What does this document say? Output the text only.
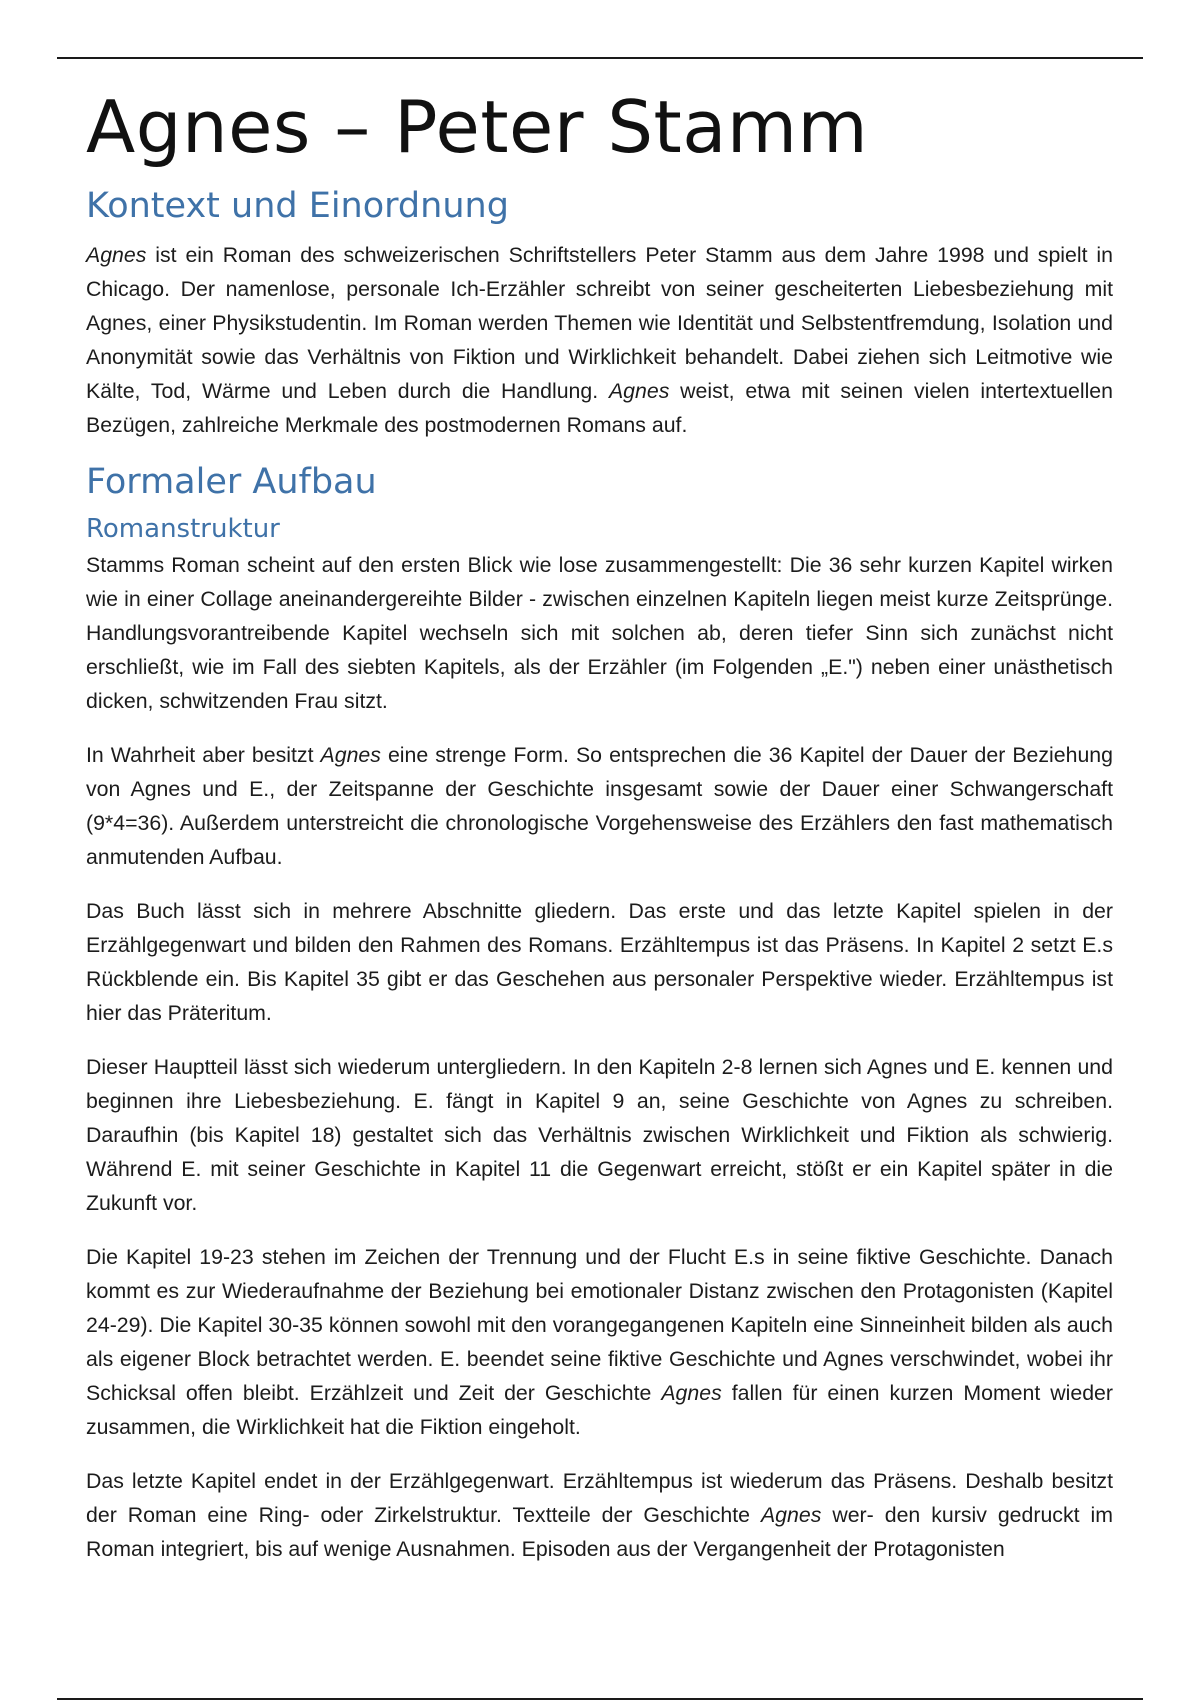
Agnes – Peter Stamm
Kontext und Einordnung

Agnes ist ein Roman des schweizerischen Schriftstellers Peter Stamm aus dem Jahre 1998 und spielt in Chicago. Der namenlose, personale Ich-Erzähler schreibt von seiner gescheiterten Liebesbeziehung mit Agnes, einer Physikstudentin. Im Roman werden Themen wie Identität und Selbstentfremdung, Isolation und Anonymität sowie das Verhältnis von Fiktion und Wirklichkeit behandelt. Dabei ziehen sich Leitmotive wie Kälte, Tod, Wärme und Leben durch die Handlung. Agnes weist, etwa mit seinen vielen intertextuellen Bezügen, zahlreiche Merkmale des postmodernen Romans auf.

Formaler Aufbau
Romanstruktur

Stamms Roman scheint auf den ersten Blick wie lose zusammengestellt: Die 36 sehr kurzen Kapitel wirken wie in einer Collage aneinandergereihte Bilder - zwischen einzelnen Kapiteln liegen meist kurze Zeitsprünge. Handlungsvorantreibende Kapitel wechseln sich mit solchen ab, deren tiefer Sinn sich zunächst nicht erschließt, wie im Fall des siebten Kapitels, als der Erzähler (im Folgenden „E.") neben einer unästhetisch dicken, schwitzenden Frau sitzt.

In Wahrheit aber besitzt Agnes eine strenge Form. So entsprechen die 36 Kapitel der Dauer der Beziehung von Agnes und E., der Zeitspanne der Geschichte insgesamt sowie der Dauer einer Schwangerschaft (9*4=36). Außerdem unterstreicht die chronologische Vorgehensweise des Erzählers den fast mathematisch anmutenden Aufbau.

Das Buch lässt sich in mehrere Abschnitte gliedern. Das erste und das letzte Kapitel spielen in der Erzählgegenwart und bilden den Rahmen des Romans. Erzähltempus ist das Präsens. In Kapitel 2 setzt E.s Rückblende ein. Bis Kapitel 35 gibt er das Geschehen aus personaler Perspektive wieder. Erzähltempus ist hier das Präteritum.

Dieser Hauptteil lässt sich wiederum untergliedern. In den Kapiteln 2-8 lernen sich Agnes und E. kennen und beginnen ihre Liebesbeziehung. E. fängt in Kapitel 9 an, seine Geschichte von Agnes zu schreiben. Daraufhin (bis Kapitel 18) gestaltet sich das Verhältnis zwischen Wirklichkeit und Fiktion als schwierig. Während E. mit seiner Geschichte in Kapitel 11 die Gegenwart erreicht, stößt er ein Kapitel später in die Zukunft vor.

Die Kapitel 19-23 stehen im Zeichen der Trennung und der Flucht E.s in seine fiktive Geschichte. Danach kommt es zur Wiederaufnahme der Beziehung bei emotionaler Distanz zwischen den Protagonisten (Kapitel 24-29). Die Kapitel 30-35 können sowohl mit den vorangegangenen Kapiteln eine Sinneinheit bilden als auch als eigener Block betrachtet werden. E. beendet seine fiktive Geschichte und Agnes verschwindet, wobei ihr Schicksal offen bleibt. Erzählzeit und Zeit der Geschichte Agnes fallen für einen kurzen Moment wieder zusammen, die Wirklichkeit hat die Fiktion eingeholt.

Das letzte Kapitel endet in der Erzählgegenwart. Erzähltempus ist wiederum das Präsens. Deshalb besitzt der Roman eine Ring- oder Zirkelstruktur. Textteile der Geschichte Agnes wer- den kursiv gedruckt im Roman integriert, bis auf wenige Ausnahmen. Episoden aus der Vergangenheit der Protagonisten
